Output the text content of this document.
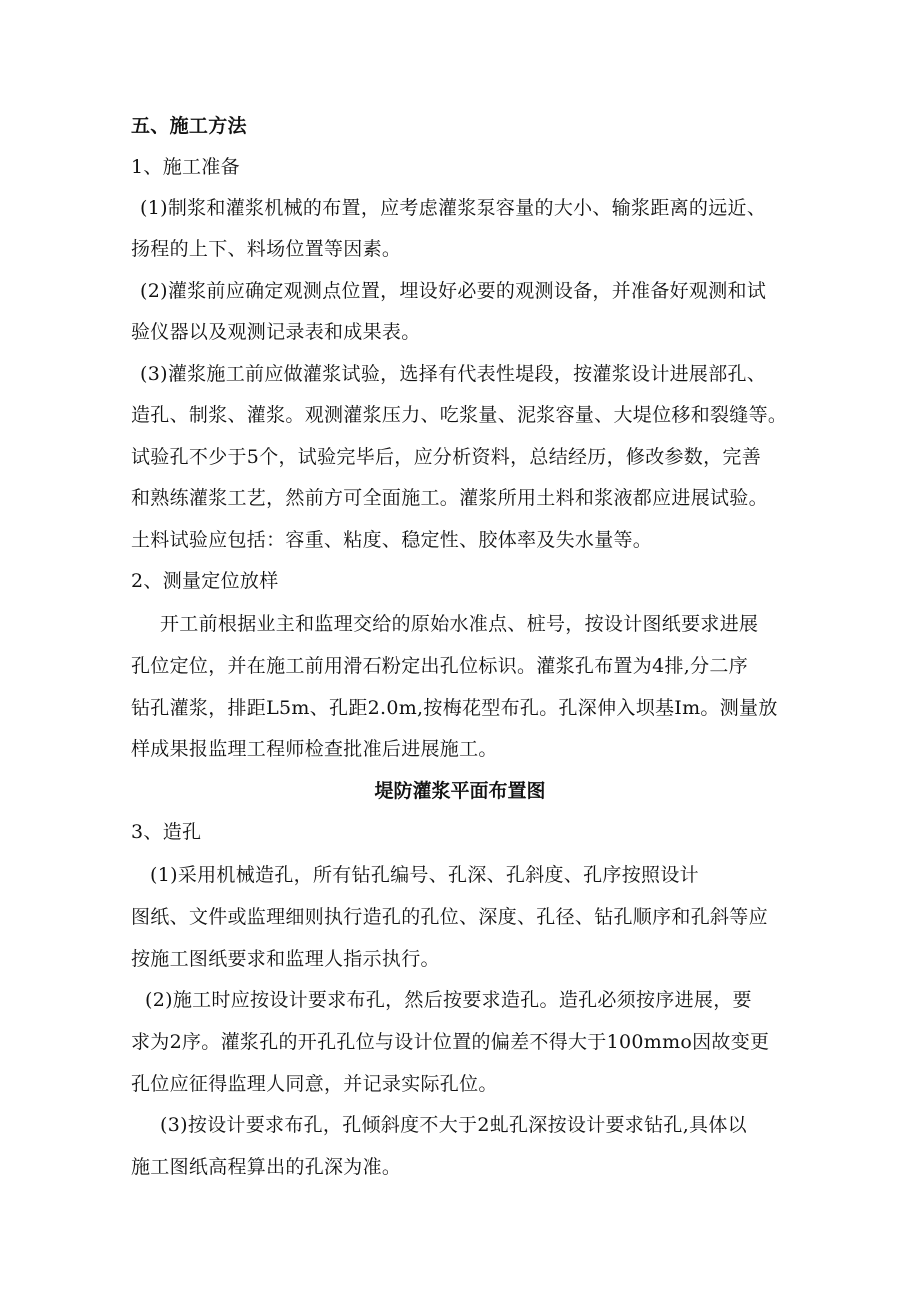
五、施工方法
1、施工准备
(1)制浆和灌浆机械的布置，应考虑灌浆泵容量的大小、输浆距离的远近、
扬程的上下、料场位置等因素。
(2)灌浆前应确定观测点位置，埋设好必要的观测设备，并准备好观测和试
验仪器以及观测记录表和成果表。
(3)灌浆施工前应做灌浆试验，选择有代表性堤段，按灌浆设计进展部孔、
造孔、制浆、灌浆。观测灌浆压力、吃浆量、泥浆容量、大堤位移和裂缝等。
试验孔不少于5个，试验完毕后，应分析资料，总结经历，修改参数，完善
和熟练灌浆工艺，然前方可全面施工。灌浆所用土料和浆液都应进展试验。
土料试验应包括：容重、粘度、稳定性、胶体率及失水量等。
2、测量定位放样
开工前根据业主和监理交给的原始水准点、桩号，按设计图纸要求进展
孔位定位，并在施工前用滑石粉定出孔位标识。灌浆孔布置为4排,分二序
钻孔灌浆，排距L5m、孔距2.0m,按梅花型布孔。孔深伸入坝基Im。测量放
样成果报监理工程师检查批准后进展施工。
堤防灌浆平面布置图
3、造孔
(1)采用机械造孔，所有钻孔编号、孔深、孔斜度、孔序按照设计
图纸、文件或监理细则执行造孔的孔位、深度、孔径、钻孔顺序和孔斜等应
按施工图纸要求和监理人指示执行。
(2)施工时应按设计要求布孔，然后按要求造孔。造孔必须按序进展，要
求为2序。灌浆孔的开孔孔位与设计位置的偏差不得大于100mmo因故变更
孔位应征得监理人同意，并记录实际孔位。
(3)按设计要求布孔，孔倾斜度不大于2虬孔深按设计要求钻孔,具体以
施工图纸高程算出的孔深为准。
